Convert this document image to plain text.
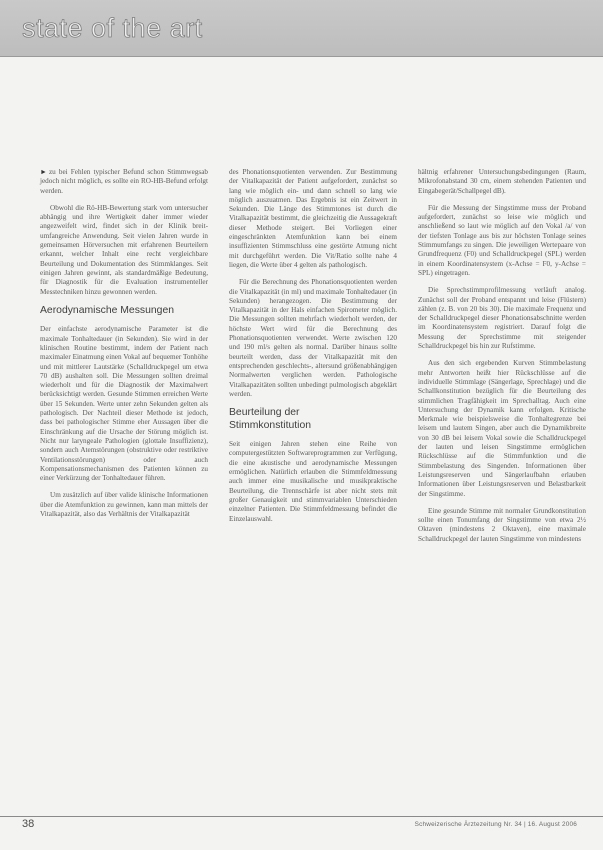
state of the art

► zu bei Fehlen typischer Befund schon Stimmwegsab jedoch nicht möglich, es sollte ein RO-HB-Befund erfolgt werden.

Obwohl die Rö-HB-Bewertung stark vom untersucher abhängig und ihre Wertigkeit daher immer wieder angezweifelt wird, findet sich in der Klinik breit-umfangreiche Anwendung. Seit vielen Jahren wurde in gemeinsamen Hörversuchen mit erfahrenen Beurteilern erkannt, welcher Inhalt eine recht vergleichbare Beurteilung und Dokumentation des Stimmklanges. Seit einigen Jahren gewinnt, als standardmäßige Bedeutung, für Diagnostik für die Evaluation instrumenteller Messtechniken hinzu gewonnen werden.

Aerodynamische Messungen

Der einfachste aerodynamische Parameter ist die maximale Tonhaltedauer (in Sekunden). Sie wird in der klinischen Routine bestimmt, indem der Patient nach maximaler Einatmung einen Vokal auf bequemer Tonhöhe und mit mittlerer Lautstärke (Schalldruckpegel um etwa 70 dB) aushalten soll. Die Messungen sollten dreimal wiederholt und für die Diagnostik der Maximalwert berücksichtigt werden. Gesunde Stimmen erreichen Werte über 15 Sekunden. Werte unter zehn Sekunden gelten als pathologisch. Der Nachteil dieser Methode ist jedoch, dass bei pathologischer Stimme eher Aussagen über die Einschränkung auf die Ursache der Störung möglich ist. Nicht nur laryngeale Pathologien (glottale Insuffizienz), sondern auch Atemstörungen (obstruktive oder restriktive Ventilationsstörungen) oder auch Kompensationsmechanismen des Patienten können zu einer Verkürzung der Tonhaltedauer führen.

Um zusätzlich auf über valide klinische Informationen über die Atemfunktion zu gewinnen, kann man mittels der Vitalkapazität, also das Verhältnis der Vitalkapazität

des Phonationsquotienten verwenden. Zur Bestimmung der Vitalkapazität der Patient aufgefordert, zunächst so lang wie möglich ein- und dann schnell so lang wie möglich auszuatmen. Das Ergebnis ist ein Zeitwert in Sekunden. Die Länge des Stimmtones ist durch die Vitalkapazität bestimmt, die gleichzeitig die Aussagekraft dieser Methode steigert. Bei Vorliegen einer eingeschränkten Atemfunktion kann bei einem insuffizienten Stimmschluss eine gestörte Atmung nicht mit durchgeführt werden. Die Vit/Ratio sollte nahe 4 liegen, die Werte über 4 gelten als pathologisch.

Für die Berechnung des Phonationsquotienten werden die Vitalkapazität (in ml) und maximale Tonhaltedauer (in Sekunden) herangezogen. Die Bestimmung der Vitalkapazität in der Hals einfachen Spirometer möglich. Die Messungen sollten mehrfach wiederholt werden, der höchste Wert wird für die Berechnung des Phonationsquotienten verwendet. Werte zwischen 120 und 190 ml/s gelten als normal. Darüber hinaus sollte beurteilt werden, dass der Vitalkapazität mit den entsprechenden geschlechts-, altersund größenabhängigen Normalwerten verglichen werden. Pathologische Vitalkapazitäten sollten unbedingt pulmologisch abgeklärt werden.

Beurteilung der
Stimmkonstitution

Seit einigen Jahren stehen eine Reihe von computergestützten Softwareprogrammen zur Verfügung, die eine akustische und aerodynamische Messungen ermöglichen. Natürlich erlauben die Stimmfeldmessung auch immer eine musikalische und musikpraktische Beurteilung, die Trennschärfe ist aber nicht stets mit großer Genauigkeit und stimmvariablen Unterschieden einzelner Patienten. Die Stimmfeldmessung befindet die Einzelauswahl.

hältnig erfahrener Untersuchungsbedingungen (Raum, Mikrofonabstand 30 cm, einem stehenden Patienten und Eingabegerät/Schallpegel dB).

Für die Messung der Singstimme muss der Proband aufgefordert, zunächst so leise wie möglich und anschließend so laut wie möglich auf den Vokal /a/ von der tiefsten Tonlage aus bis zur höchsten Tonlage seines Stimmumfangs zu singen. Die jeweiligen Wertepaare von Grundfrequenz (F0) und Schalldruckpegel (SPL) werden in einem Koordinatensystem (x-Achse = F0, y-Achse = SPL) eingetragen.

Die Sprechstimmprofilmessung verläuft analog. Zunächst soll der Proband entspannt und leise (Flüstern) zählen (z. B. von 20 bis 30). Die maximale Frequenz und der Schalldruckpegel dieser Phonationsabschnitte werden im Koordinatensystem registriert. Darauf folgt die Messung der Sprechstimme mit steigender Schalldruckpegel bis hin zur Rufstimme.

Aus den sich ergebenden Kurven Stimmbelastung mehr Antworten heißt hier Rückschlüsse auf die individuelle Stimmlage (Sängerlage, Sprechlage) und die Schallkonstitution bezüglich für die Beurteilung des stimmlichen Tragfähigkeit im Sprechalltag. Auch eine Untersuchung der Dynamik kann erfolgen. Kritische Merkmale wie beispielsweise die Tonhaltegrenze bei leisem und lautem Singen, aber auch die Dynamikbreite von 30 dB bei leisem Vokal sowie die Schalldruckpegel der lauten und leisen Singstimme ermöglichen Rückschlüsse auf die Stimmfunktion und die Stimmbelastung des Singenden. Informationen über Leistungsreserven und Sängerlaufbahn erlauben Informationen über Leistungsreserven und Belastbarkeit der Singstimme.

Eine gesunde Stimme mit normaler Grundkonstitution sollte einen Tonumfang der Singstimme von etwa 2½ Oktaven (mindestens 2 Oktaven), eine maximale Schalldruckpegel der lauten Singstimme von mindestens

38	Schweizerische Ärztezeitung Nr. 34 | 16. August 2006
